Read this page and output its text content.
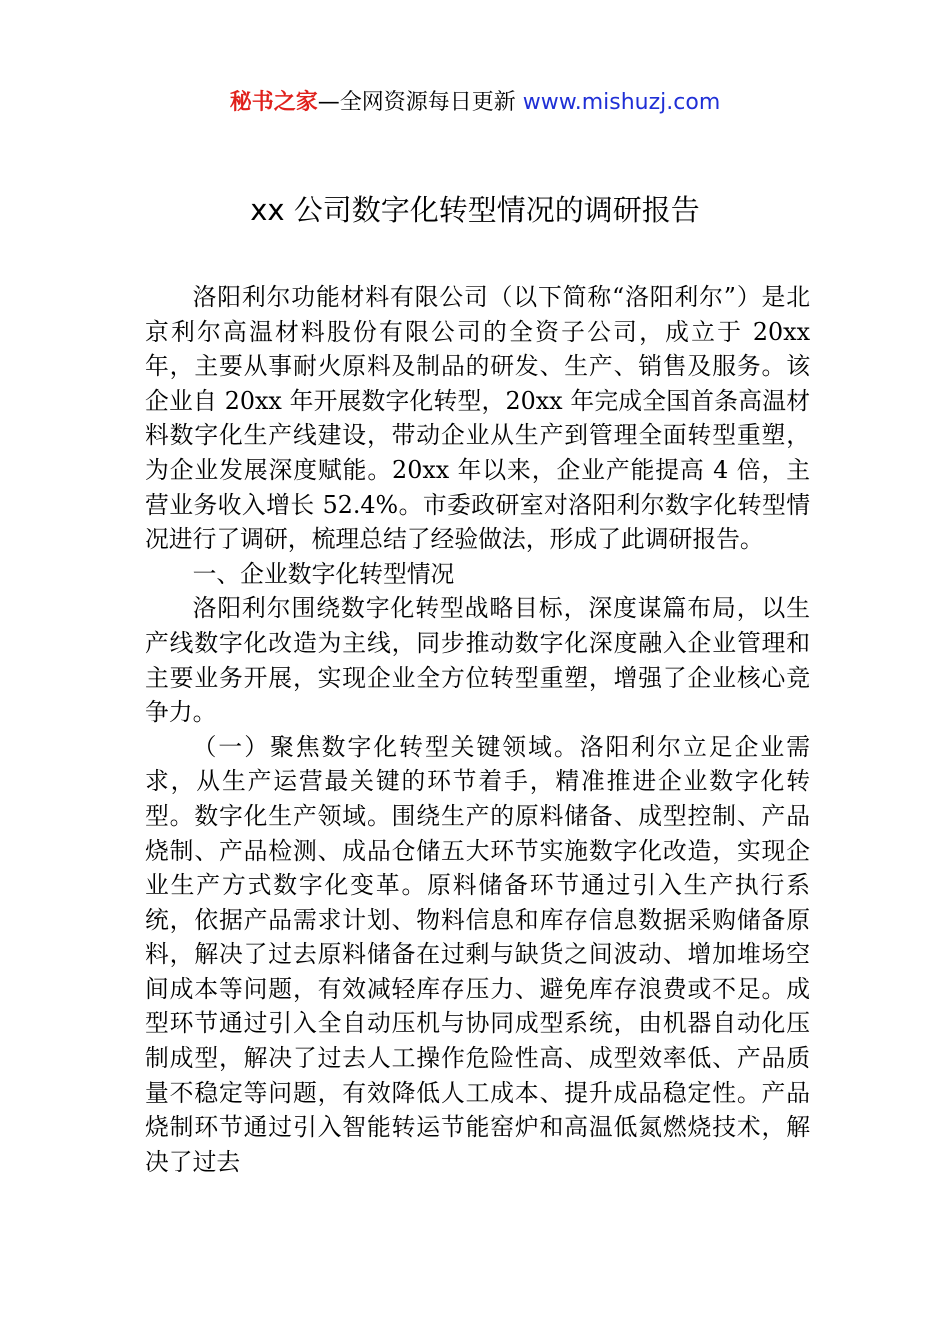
秘书之家—全网资源每日更新 www.mishuzj.com
xx 公司数字化转型情况的调研报告

洛阳利尔功能材料有限公司（以下简称“洛阳利尔”）是北京利尔高温材料股份有限公司的全资子公司，成立于 20xx 年，主要从事耐火原料及制品的研发、生产、销售及服务。该企业自 20xx 年开展数字化转型，20xx 年完成全国首条高温材料数字化生产线建设，带动企业从生产到管理全面转型重塑，为企业发展深度赋能。20xx 年以来，企业产能提高 4 倍，主营业务收入增长 52.4%。市委政研室对洛阳利尔数字化转型情况进行了调研，梳理总结了经验做法，形成了此调研报告。

一、企业数字化转型情况

洛阳利尔围绕数字化转型战略目标，深度谋篇布局，以生产线数字化改造为主线，同步推动数字化深度融入企业管理和主要业务开展，实现企业全方位转型重塑，增强了企业核心竞争力。

（一）聚焦数字化转型关键领域。洛阳利尔立足企业需求，从生产运营最关键的环节着手，精准推进企业数字化转型。数字化生产领域。围绕生产的原料储备、成型控制、产品烧制、产品检测、成品仓储五大环节实施数字化改造，实现企业生产方式数字化变革。原料储备环节通过引入生产执行系统，依据产品需求计划、物料信息和库存信息数据采购储备原料，解决了过去原料储备在过剩与缺货之间波动、增加堆场空间成本等问题，有效减轻库存压力、避免库存浪费或不足。成型环节通过引入全自动压机与协同成型系统，由机器自动化压制成型，解决了过去人工操作危险性高、成型效率低、产品质量不稳定等问题，有效降低人工成本、提升成品稳定性。产品烧制环节通过引入智能转运节能窑炉和高温低氮燃烧技术，解决了过去
